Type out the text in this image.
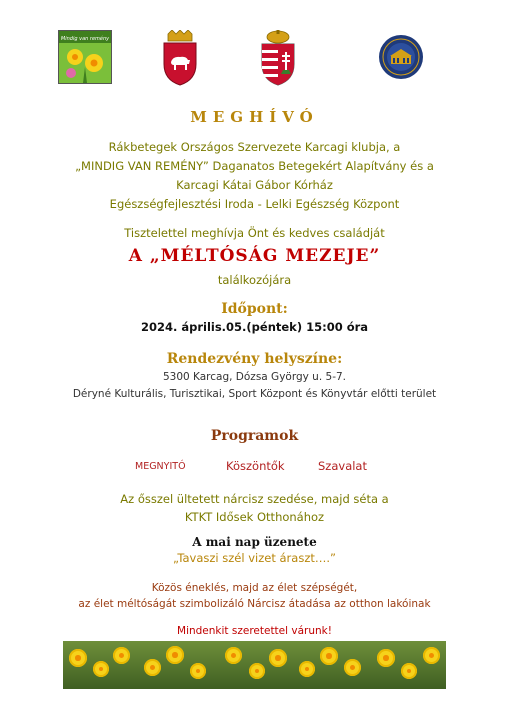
Mindig van remény
MEGHÍVÓ
Rákbetegek Országos Szervezete Karcagi klubja, a
„MINDIG VAN REMÉNY” Daganatos Betegekért Alapítvány és a
Karcagi Kátai Gábor Kórház
Egészségfejlesztési Iroda - Lelki Egészség Központ
Tisztelettel meghívja Önt és kedves családját
A „MÉLTÓSÁG MEZEJE”
találkozójára
Időpont:
2024. április.05.(péntek) 15:00 óra
Rendezvény helyszíne:
5300 Karcag, Dózsa György u. 5-7.
Déryné Kulturális, Turisztikai, Sport Központ és Könyvtár előtti terület
Programok
MEGNYITÓ	Köszöntők	Szavalat
Az ősszel ültetett nárcisz szedése, majd séta a
KTKT Idősek Otthonához
A mai nap üzenete
„Tavaszi szél vizet áraszt….”
Közös éneklés, majd az élet szépségét,
az élet méltóságát szimbolizáló Nárcisz átadása az otthon lakóinak
Mindenkit szeretettel várunk!
